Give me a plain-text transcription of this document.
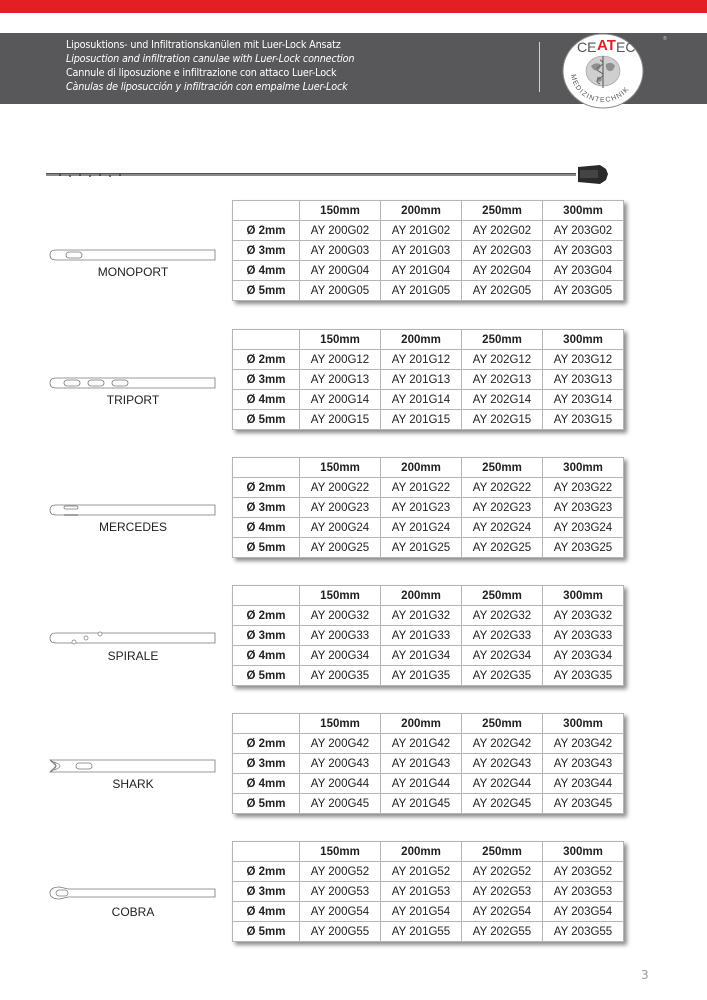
Liposuktions- und Infiltrationskanülen mit Luer-Lock Ansatz
Liposuction and infiltration canulae with Luer-Lock connection
Cannule di liposuzione e infiltrazione con attaco Luer-Lock
Cànulas de liposucción y infiltración con empalme Luer-Lock
CE AT EC
MEDIZINTECHNIK
®
MONOPORT
TRIPORT
MERCEDES
SPIRALE
SHARK
COBRA
	150mm	200mm	250mm	300mm
Ø 2mm	AY 200G02	AY 201G02	AY 202G02	AY 203G02
Ø 3mm	AY 200G03	AY 201G03	AY 202G03	AY 203G03
Ø 4mm	AY 200G04	AY 201G04	AY 202G04	AY 203G04
Ø 5mm	AY 200G05	AY 201G05	AY 202G05	AY 203G05
	150mm	200mm	250mm	300mm
Ø 2mm	AY 200G12	AY 201G12	AY 202G12	AY 203G12
Ø 3mm	AY 200G13	AY 201G13	AY 202G13	AY 203G13
Ø 4mm	AY 200G14	AY 201G14	AY 202G14	AY 203G14
Ø 5mm	AY 200G15	AY 201G15	AY 202G15	AY 203G15
	150mm	200mm	250mm	300mm
Ø 2mm	AY 200G22	AY 201G22	AY 202G22	AY 203G22
Ø 3mm	AY 200G23	AY 201G23	AY 202G23	AY 203G23
Ø 4mm	AY 200G24	AY 201G24	AY 202G24	AY 203G24
Ø 5mm	AY 200G25	AY 201G25	AY 202G25	AY 203G25
	150mm	200mm	250mm	300mm
Ø 2mm	AY 200G32	AY 201G32	AY 202G32	AY 203G32
Ø 3mm	AY 200G33	AY 201G33	AY 202G33	AY 203G33
Ø 4mm	AY 200G34	AY 201G34	AY 202G34	AY 203G34
Ø 5mm	AY 200G35	AY 201G35	AY 202G35	AY 203G35
	150mm	200mm	250mm	300mm
Ø 2mm	AY 200G42	AY 201G42	AY 202G42	AY 203G42
Ø 3mm	AY 200G43	AY 201G43	AY 202G43	AY 203G43
Ø 4mm	AY 200G44	AY 201G44	AY 202G44	AY 203G44
Ø 5mm	AY 200G45	AY 201G45	AY 202G45	AY 203G45
	150mm	200mm	250mm	300mm
Ø 2mm	AY 200G52	AY 201G52	AY 202G52	AY 203G52
Ø 3mm	AY 200G53	AY 201G53	AY 202G53	AY 203G53
Ø 4mm	AY 200G54	AY 201G54	AY 202G54	AY 203G54
Ø 5mm	AY 200G55	AY 201G55	AY 202G55	AY 203G55
3
